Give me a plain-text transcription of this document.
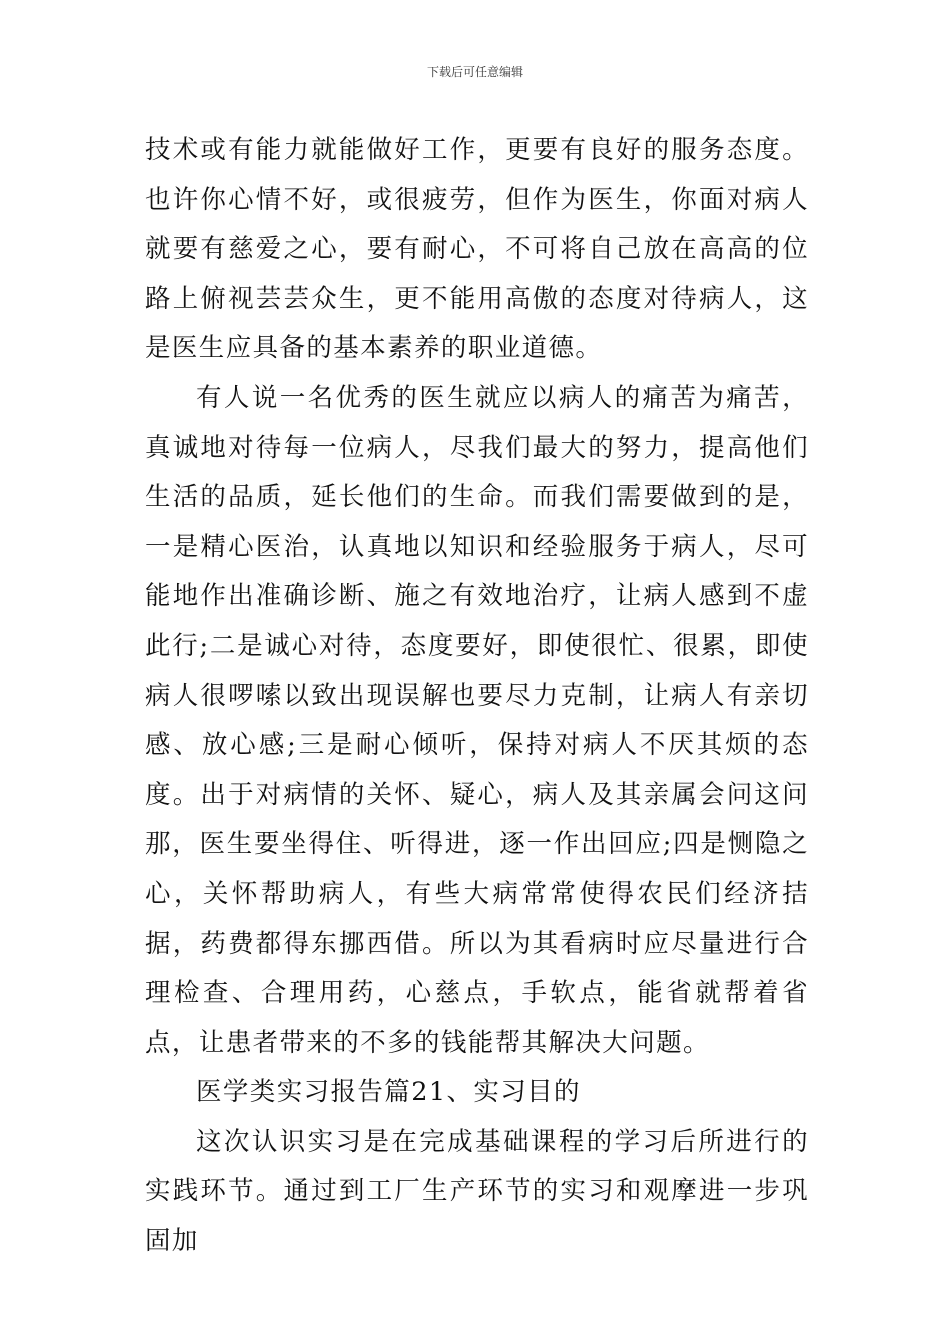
下载后可任意编辑

技术或有能力就能做好工作，更要有良好的服务态度。也许你心情不好，或很疲劳，但作为医生，你面对病人就要有慈爱之心，要有耐心，不可将自己放在高高的位路上俯视芸芸众生，更不能用高傲的态度对待病人，这是医生应具备的基本素养的职业道德。

有人说一名优秀的医生就应以病人的痛苦为痛苦，真诚地对待每一位病人，尽我们最大的努力，提高他们生活的品质，延长他们的生命。而我们需要做到的是，一是精心医治，认真地以知识和经验服务于病人，尽可能地作出准确诊断、施之有效地治疗，让病人感到不虚此行;二是诚心对待，态度要好，即使很忙、很累，即使病人很啰嗦以致出现误解也要尽力克制，让病人有亲切感、放心感;三是耐心倾听，保持对病人不厌其烦的态度。出于对病情的关怀、疑心，病人及其亲属会问这问那，医生要坐得住、听得进，逐一作出回应;四是恻隐之心，关怀帮助病人，有些大病常常使得农民们经济拮据，药费都得东挪西借。所以为其看病时应尽量进行合理检查、合理用药，心慈点，手软点，能省就帮着省点，让患者带来的不多的钱能帮其解决大问题。

医学类实习报告篇21、实习目的

这次认识实习是在完成基础课程的学习后所进行的实践环节。通过到工厂生产环节的实习和观摩进一步巩固加
